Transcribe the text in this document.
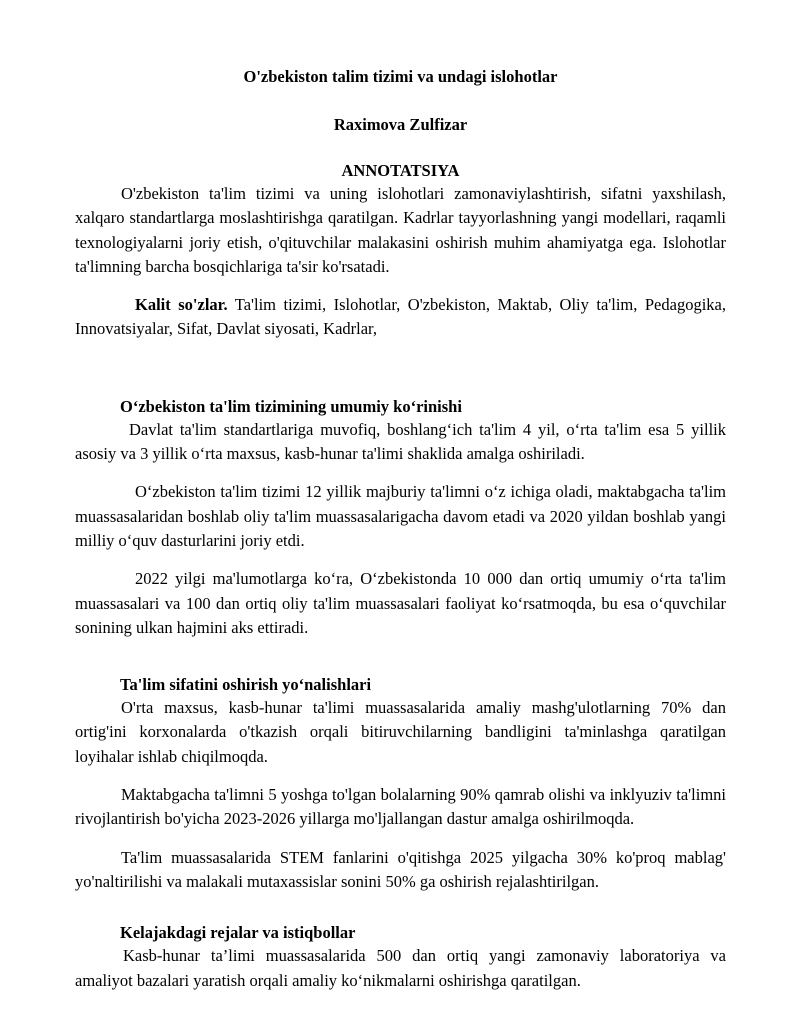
O'zbekiston talim tizimi va undagi islohotlar
Raximova Zulfizar
ANNOTATSIYA

O'zbekiston ta'lim tizimi va uning islohotlari zamonaviylashtirish, sifatni yaxshilash, xalqaro standartlarga moslashtirishga qaratilgan. Kadrlar tayyorlashning yangi modellari, raqamli texnologiyalarni joriy etish, o'qituvchilar malakasini oshirish muhim ahamiyatga ega. Islohotlar ta'limning barcha bosqichlariga ta'sir ko'rsatadi.

Kalit so'zlar. Ta'lim tizimi, Islohotlar, O'zbekiston, Maktab, Oliy ta'lim, Pedagogika, Innovatsiyalar, Sifat, Davlat siyosati, Kadrlar,

O‘zbekiston ta'lim tizimining umumiy ko‘rinishi

Davlat ta'lim standartlariga muvofiq, boshlang‘ich ta'lim 4 yil, o‘rta ta'lim esa 5 yillik asosiy va 3 yillik o‘rta maxsus, kasb-hunar ta'limi shaklida amalga oshiriladi.

O‘zbekiston ta'lim tizimi 12 yillik majburiy ta'limni o‘z ichiga oladi, maktabgacha ta'lim muassasalaridan boshlab oliy ta'lim muassasalarigacha davom etadi va 2020 yildan boshlab yangi milliy o‘quv dasturlarini joriy etdi.

2022 yilgi ma'lumotlarga ko‘ra, O‘zbekistonda 10 000 dan ortiq umumiy o‘rta ta'lim muassasalari va 100 dan ortiq oliy ta'lim muassasalari faoliyat ko‘rsatmoqda, bu esa o‘quvchilar sonining ulkan hajmini aks ettiradi.

Ta'lim sifatini oshirish yo‘nalishlari

O'rta maxsus, kasb-hunar ta'limi muassasalarida amaliy mashg'ulotlarning 70% dan ortig'ini korxonalarda o'tkazish orqali bitiruvchilarning bandligini ta'minlashga qaratilgan loyihalar ishlab chiqilmoqda.

Maktabgacha ta'limni 5 yoshga to'lgan bolalarning 90% qamrab olishi va inklyuziv ta'limni rivojlantirish bo'yicha 2023-2026 yillarga mo'ljallangan dastur amalga oshirilmoqda.

Ta'lim muassasalarida STEM fanlarini o'qitishga 2025 yilgacha 30% ko'proq mablag' yo'naltirilishi va malakali mutaxassislar sonini 50% ga oshirish rejalashtirilgan.

Kelajakdagi rejalar va istiqbollar

Kasb-hunar ta’limi muassasalarida 500 dan ortiq yangi zamonaviy laboratoriya va amaliyot bazalari yaratish orqali amaliy ko‘nikmalarni oshirishga qaratilgan.
